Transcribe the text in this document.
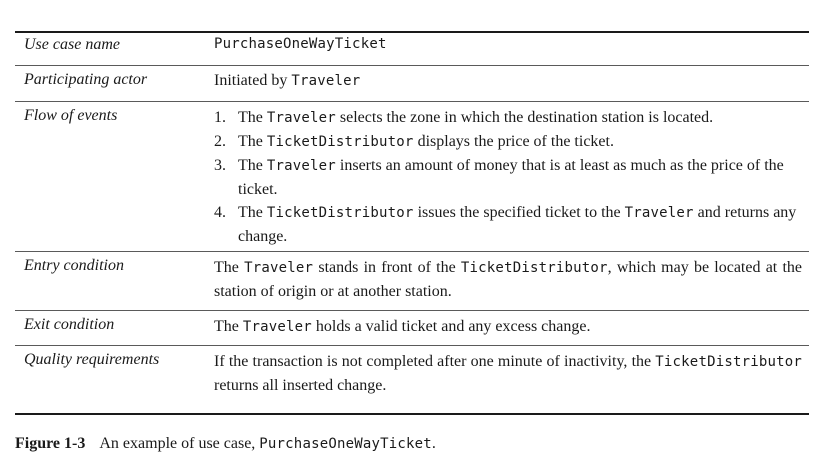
Use case name	PurchaseOneWayTicket
Participating actor	Initiated by Traveler
Flow of events	1. The Traveler selects the zone in which the destination station is located.
2. The TicketDistributor displays the price of the ticket.
3. The Traveler inserts an amount of money that is at least as much as the price of the ticket.
4. The TicketDistributor issues the specified ticket to the Traveler and returns any change.
Entry condition	The Traveler stands in front of the TicketDistributor, which may be located at the station of origin or at another station.
Exit condition	The Traveler holds a valid ticket and any excess change.
Quality requirements	If the transaction is not completed after one minute of inactivity, the TicketDistributor returns all inserted change.
Figure 1-3 An example of use case, PurchaseOneWayTicket.
